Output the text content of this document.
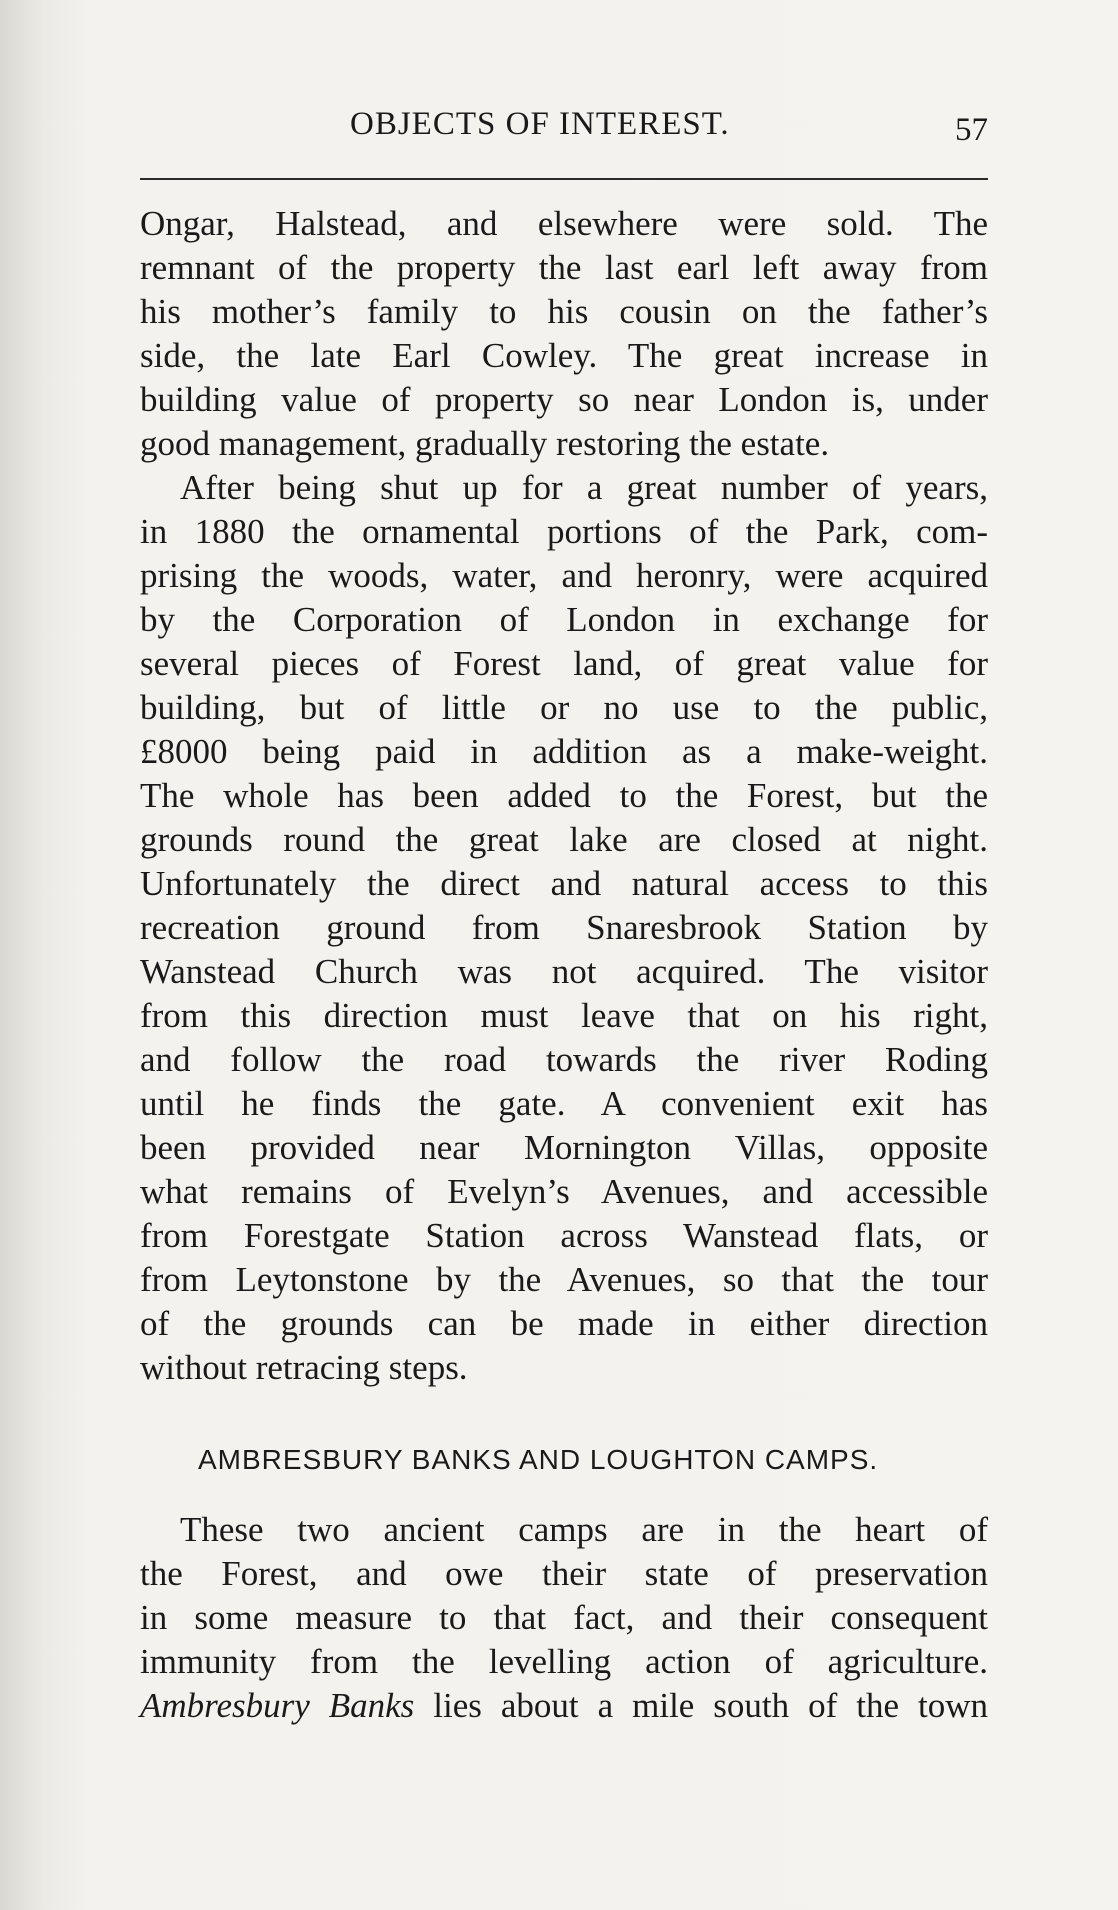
OBJECTS OF INTEREST.	57
Ongar, Halstead, and elsewhere were sold. The
remnant of the property the last earl left away from
his mother’s family to his cousin on the father’s
side, the late Earl Cowley. The great increase in
building value of property so near London is, under
good management, gradually restoring the estate.
After being shut up for a great number of years,
in 1880 the ornamental portions of the Park, com-
prising the woods, water, and heronry, were acquired
by the Corporation of London in exchange for
several pieces of Forest land, of great value for
building, but of little or no use to the public,
£8000 being paid in addition as a make-weight.
The whole has been added to the Forest, but the
grounds round the great lake are closed at night.
Unfortunately the direct and natural access to this
recreation ground from Snaresbrook Station by
Wanstead Church was not acquired. The visitor
from this direction must leave that on his right,
and follow the road towards the river Roding
until he finds the gate. A convenient exit has
been provided near Mornington Villas, opposite
what remains of Evelyn’s Avenues, and accessible
from Forestgate Station across Wanstead flats, or
from Leytonstone by the Avenues, so that the tour
of the grounds can be made in either direction
without retracing steps.
AMBRESBURY BANKS AND LOUGHTON CAMPS.
These two ancient camps are in the heart of
the Forest, and owe their state of preservation
in some measure to that fact, and their consequent
immunity from the levelling action of agriculture.
Ambresbury Banks lies about a mile south of the town
